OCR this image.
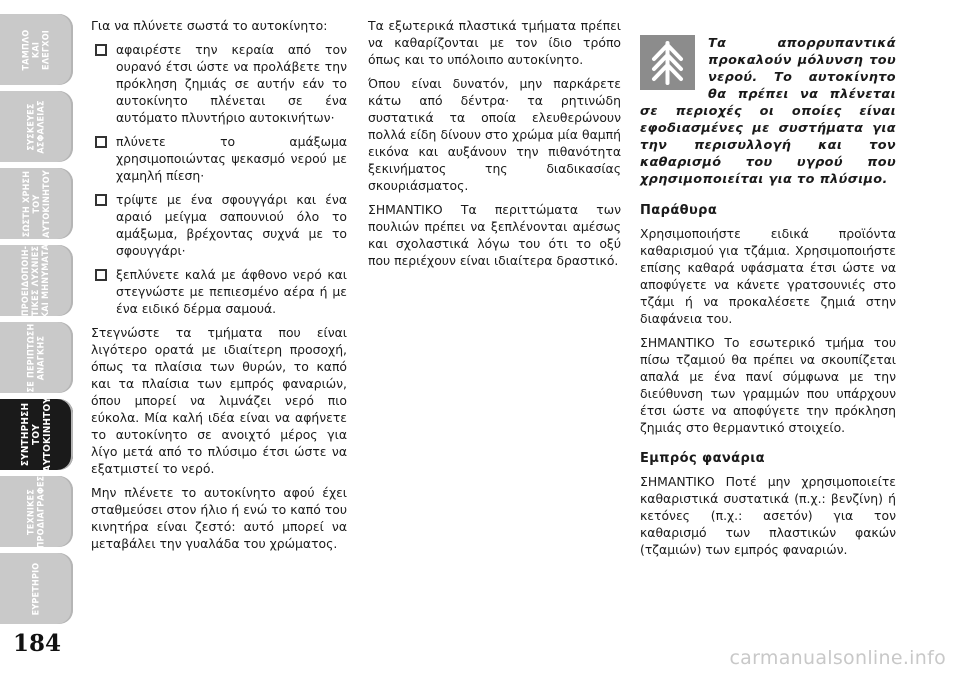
ΤΑΜΠΛΟ
ΚΑΙ
ΕΛΕΓΧΟΙ
ΣΥΣΚΕΥΕΣ
ΑΣΦΑΛΕΙΑΣ
ΣΩΣΤΗ ΧΡΗΣΗ
ΤΟΥ
ΑΥΤΟΚΙΝΗΤΟΥ
ΠΡΟΕΙΔΟΠΟΙΗ-
ΤΙΚΕΣ ΛΥΧΝΙΕΣ
ΚΑΙ ΜΗΝΥΜΑΤΑ
ΣΕ ΠΕΡΙΠΤΩΣΗ
ΑΝΑΓΚΗΣ
ΣΥΝΤΗΡΗΣΗ
ΤΟΥ
ΑΥΤΟΚΙΝΗΤΟΥ
ΤΕΧΝΙΚΕΣ
ΠΡΟΔΙΑΓΡΑΦΕΣ
ΕΥΡΕΤΗΡΙΟ
184

Για να πλύνετε σωστά το αυτοκίνητο:

αφαιρέστε την κεραία από τον ουρανό έτσι ώστε να προλάβετε την πρόκληση ζημιάς σε αυτήν εάν το αυτοκίνητο πλένεται σε ένα αυτόματο πλυντήριο αυτοκινήτων·
πλύνετε το αμάξωμα χρησιμοποιώντας ψεκασμό νερού με χαμηλή πίεση·
τρίψτε με ένα σφουγγάρι και ένα αραιό μείγμα σαπουνιού όλο το αμάξωμα, βρέχοντας συχνά με το σφουγγάρι·
ξεπλύνετε καλά με άφθονο νερό και στεγνώστε με πεπιεσμένο αέρα ή με ένα ειδικό δέρμα σαμουά.

Στεγνώστε τα τμήματα που είναι λιγότερο ορατά με ιδιαίτερη προσοχή, όπως τα πλαίσια των θυρών, το καπό και τα πλαίσια των εμπρός φαναριών, όπου μπορεί να λιμνάζει νερό πιο εύκολα. Μία καλή ιδέα είναι να αφήνετε το αυτοκίνητο σε ανοιχτό μέρος για λίγο μετά από το πλύσιμο έτσι ώστε να εξατμιστεί το νερό.

Μην πλένετε το αυτοκίνητο αφού έχει σταθμεύσει στον ήλιο ή ενώ το καπό του κινητήρα είναι ζεστό: αυτό μπορεί να μεταβάλει την γυαλάδα του χρώματος.

Τα εξωτερικά πλαστικά τμήματα πρέπει να καθαρίζονται με τον ίδιο τρόπο όπως και το υπόλοιπο αυτοκίνητο.

Όπου είναι δυνατόν, μην παρκάρετε κάτω από δέντρα· τα ρητινώδη συστατικά τα οποία ελευθερώνουν πολλά είδη δίνουν στο χρώμα μία θαμπή εικόνα και αυξάνουν την πιθανότητα ξεκινήματος της διαδικασίας σκουριάσματος.

ΣΗΜΑΝΤΙΚΟ Τα περιττώματα των πουλιών πρέπει να ξεπλένονται αμέσως και σχολαστικά λόγω του ότι το οξύ που περιέχουν είναι ιδιαίτερα δραστικό.

Τα απορρυπαντικά προκαλούν μόλυνση του νερού. Το αυτοκίνητο θα πρέπει να πλένεται σε περιοχές οι οποίες είναι εφοδιασμένες με συστήματα για την περισυλλογή και τον καθαρισμό του υγρού που χρησιμοποιείται για το πλύσιμο.
Παράθυρα

Χρησιμοποιήστε ειδικά προϊόντα καθαρισμού για τζάμια. Χρησιμοποιήστε επίσης καθαρά υφάσματα έτσι ώστε να αποφύγετε να κάνετε γρατσουνιές στο τζάμι ή να προκαλέσετε ζημιά στην διαφάνεια του.

ΣΗΜΑΝΤΙΚΟ Το εσωτερικό τμήμα του πίσω τζαμιού θα πρέπει να σκουπίζεται απαλά με ένα πανί σύμφωνα με την διεύθυνση των γραμμών που υπάρχουν έτσι ώστε να αποφύγετε την πρόκληση ζημιάς στο θερμαντικό στοιχείο.

Εμπρός φανάρια

ΣΗΜΑΝΤΙΚΟ Ποτέ μην χρησιμοποιείτε καθαριστικά συστατικά (π.χ.: βενζίνη) ή κετόνες (π.χ.: ασετόν) για τον καθαρισμό των πλαστικών φακών (τζαμιών) των εμπρός φαναριών.

carmanualsonline.info
